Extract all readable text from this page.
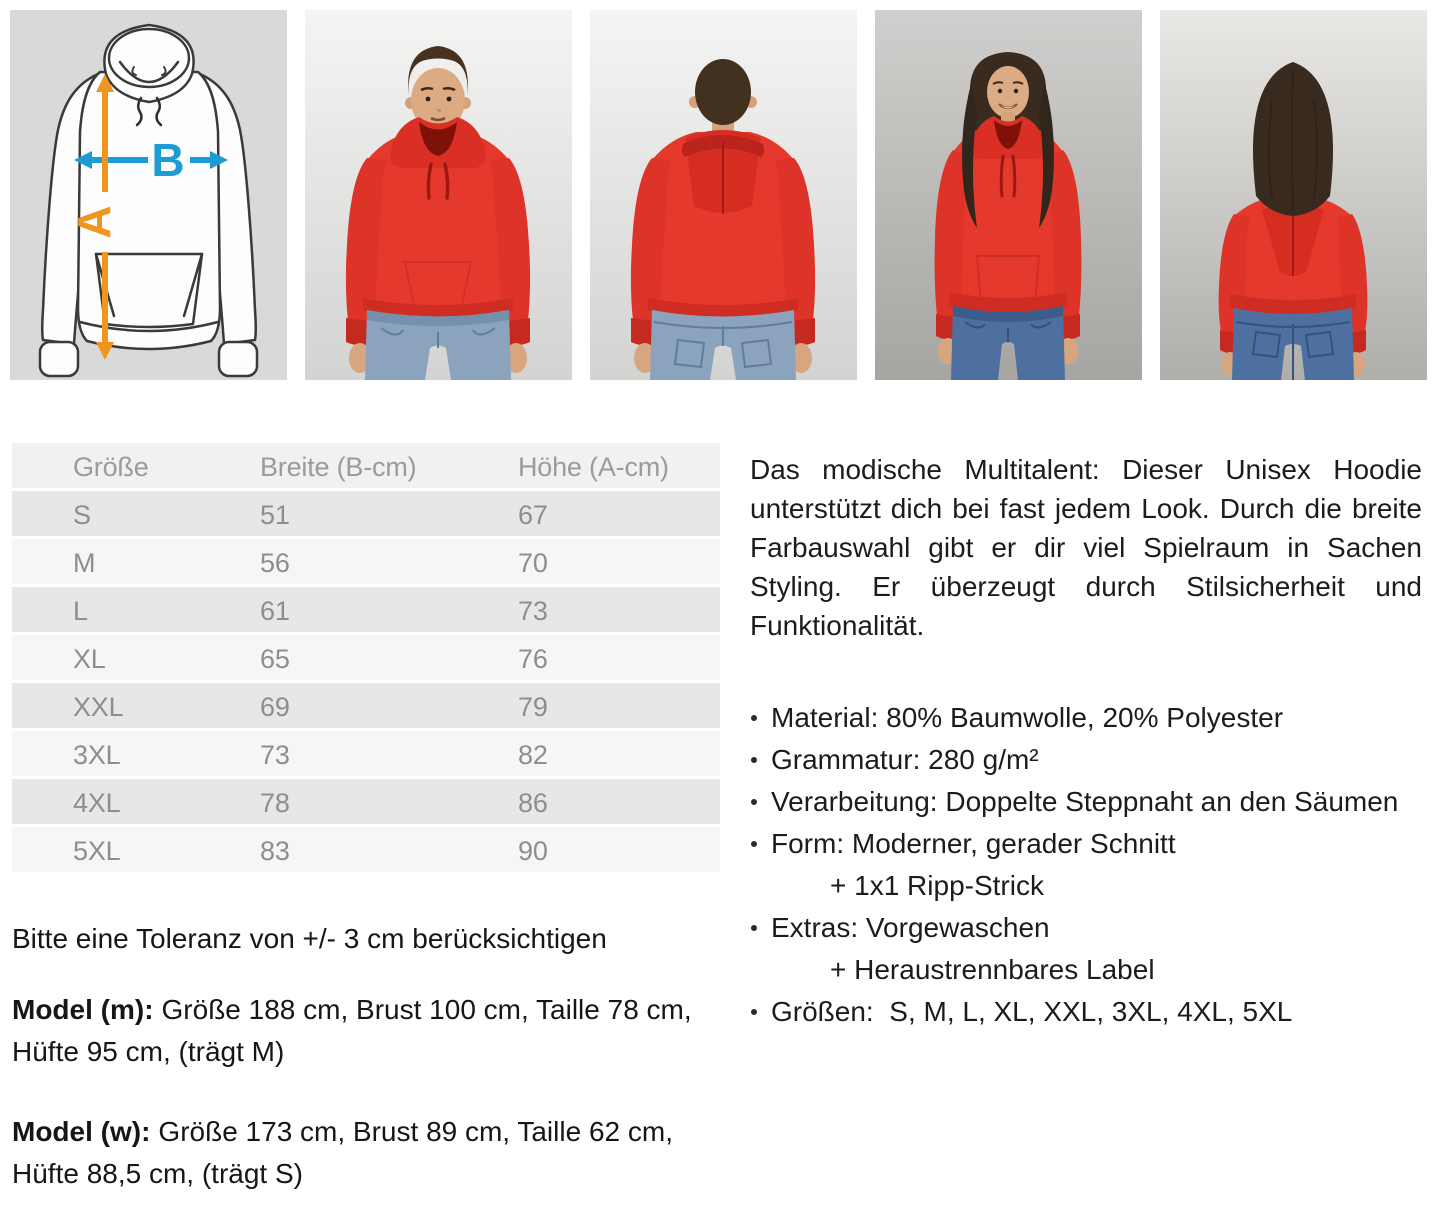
B
A
Größe	Breite (B-cm)	Höhe (A-cm)
S	51	67
M	56	70
L	61	73
XL	65	76
XXL	69	79
3XL	73	82
4XL	78	86
5XL	83	90

Bitte eine Toleranz von +/- 3 cm berücksichtigen

Model (m): Größe 188 cm, Brust 100 cm, Taille 78 cm, Hüfte 95 cm, (trägt M)

Model (w): Größe 173 cm, Brust 89 cm, Taille 62 cm, Hüfte 88,5 cm, (trägt S)

Das modische Multitalent: Dieser Unisex Hoodie unterstützt dich bei fast jedem Look. Durch die breite Farbauswahl gibt er dir viel Spielraum in Sachen Styling. Er überzeugt durch Stilsicherheit und Funktionalität.

Material: 80% Baumwolle, 20% Polyester
Grammatur: 280 g/m²
Verarbeitung: Doppelte Steppnaht an den Säumen
Form: Moderner, gerader Schnitt
+ 1x1 Ripp-Strick
Extras: Vorgewaschen
+ Heraustrennbares Label
Größen:  S, M, L, XL, XXL, 3XL, 4XL, 5XL
